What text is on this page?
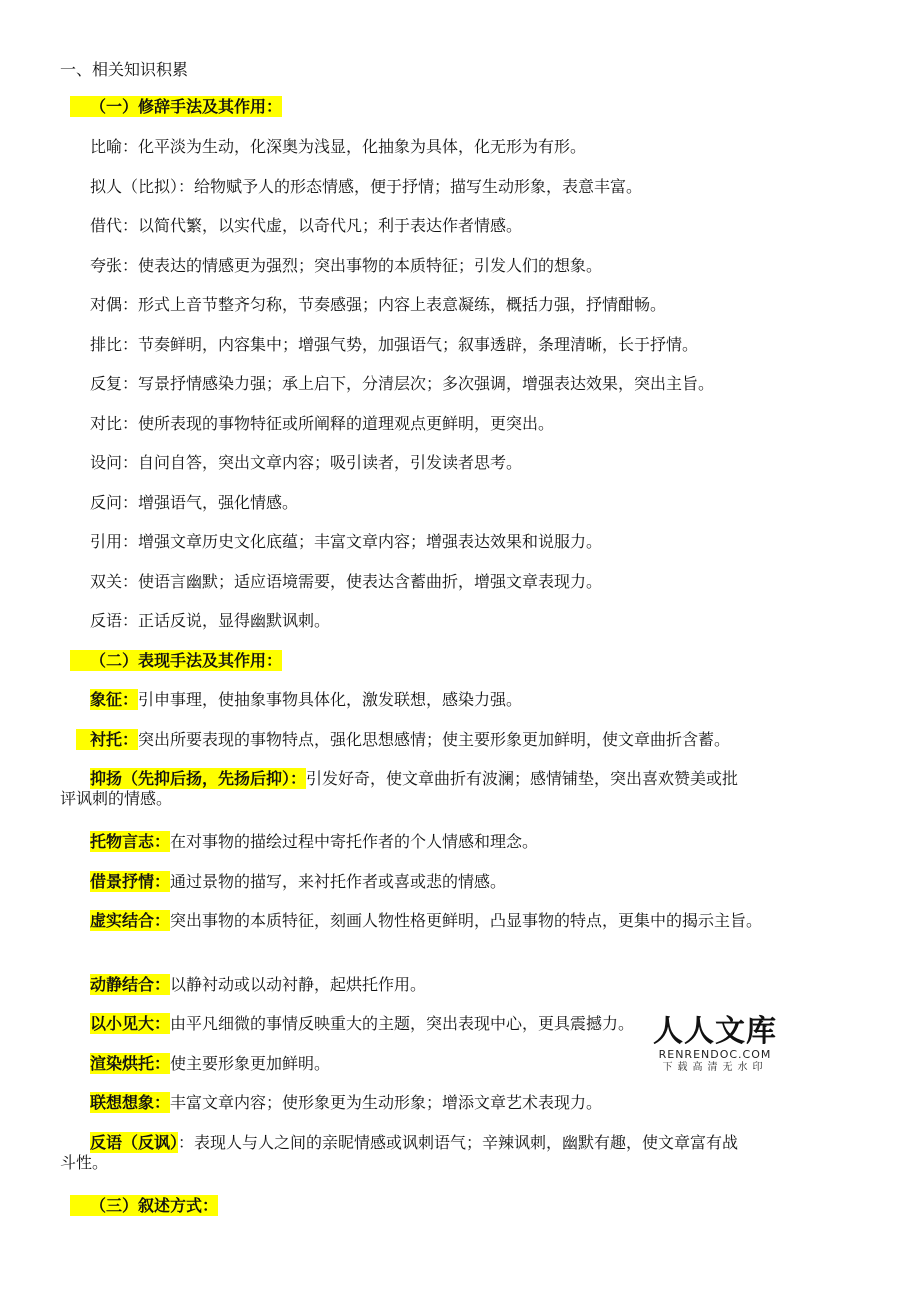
一、相关知识积累
（一）修辞手法及其作用：
比喻：化平淡为生动，化深奥为浅显，化抽象为具体，化无形为有形。
拟人（比拟）：给物赋予人的形态情感，便于抒情；描写生动形象，表意丰富。
借代：以简代繁，以实代虚，以奇代凡；利于表达作者情感。
夸张：使表达的情感更为强烈；突出事物的本质特征；引发人们的想象。
对偶：形式上音节整齐匀称，节奏感强；内容上表意凝练，概括力强，抒情酣畅。
排比：节奏鲜明，内容集中；增强气势，加强语气；叙事透辟，条理清晰，长于抒情。
反复：写景抒情感染力强；承上启下，分清层次；多次强调，增强表达效果，突出主旨。
对比：使所表现的事物特征或所阐释的道理观点更鲜明，更突出。
设问：自问自答，突出文章内容；吸引读者，引发读者思考。
反问：增强语气，强化情感。
引用：增强文章历史文化底蕴；丰富文章内容；增强表达效果和说服力。
双关：使语言幽默；适应语境需要，使表达含蓄曲折，增强文章表现力。
反语：正话反说，显得幽默讽刺。
（二）表现手法及其作用：
象征：引申事理，使抽象事物具体化，激发联想，感染力强。
衬托：突出所要表现的事物特点，强化思想感情；使主要形象更加鲜明，使文章曲折含蓄。
抑扬（先抑后扬，先扬后抑）：引发好奇，使文章曲折有波澜；感情铺垫，突出喜欢赞美或批
评讽刺的情感。
托物言志：在对事物的描绘过程中寄托作者的个人情感和理念。
借景抒情：通过景物的描写，来衬托作者或喜或悲的情感。
虚实结合：突出事物的本质特征，刻画人物性格更鲜明，凸显事物的特点，更集中的揭示主旨。
动静结合：以静衬动或以动衬静，起烘托作用。
以小见大：由平凡细微的事情反映重大的主题，突出表现中心，更具震撼力。
渲染烘托：使主要形象更加鲜明。
联想想象：丰富文章内容；使形象更为生动形象；增添文章艺术表现力。
反语（反讽）：表现人与人之间的亲昵情感或讽刺语气；辛辣讽刺，幽默有趣，使文章富有战
斗性。
（三）叙述方式：
人人文库
RENRENDOC.COM
下载高清无水印
